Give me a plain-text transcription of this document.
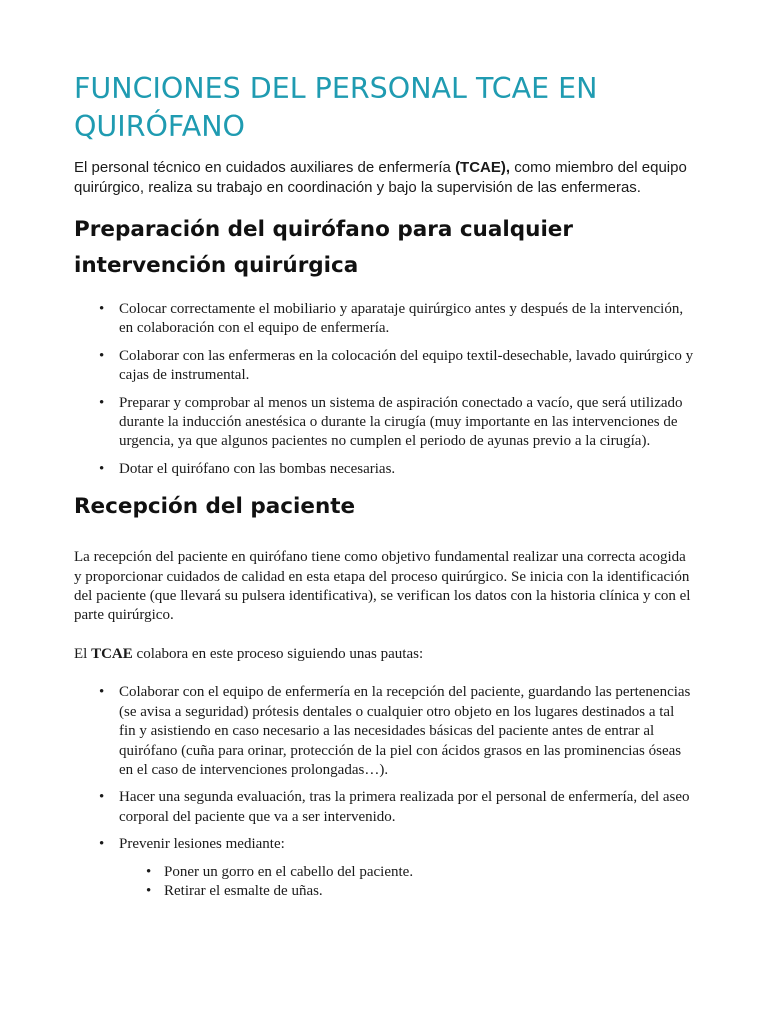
FUNCIONES DEL PERSONAL TCAE EN QUIRÓFANO

El personal técnico en cuidados auxiliares de enfermería (TCAE), como miembro del equipo quirúrgico, realiza su trabajo en coordinación y bajo la supervisión de las enfermeras.

Preparación del quirófano para cualquier intervención quirúrgica
• Colocar correctamente el mobiliario y aparataje quirúrgico antes y después de la intervención, en colaboración con el equipo de enfermería.
• Colaborar con las enfermeras en la colocación del equipo textil-desechable, lavado quirúrgico y cajas de instrumental.
• Preparar y comprobar al menos un sistema de aspiración conectado a vacío, que será utilizado durante la inducción anestésica o durante la cirugía (muy importante en las intervenciones de urgencia, ya que algunos pacientes no cumplen el periodo de ayunas previo a la cirugía).
• Dotar el quirófano con las bombas necesarias.
Recepción del paciente

La recepción del paciente en quirófano tiene como objetivo fundamental realizar una correcta acogida y proporcionar cuidados de calidad en esta etapa del proceso quirúrgico. Se inicia con la identificación del paciente (que llevará su pulsera identificativa), se verifican los datos con la historia clínica y con el parte quirúrgico.

El TCAE colabora en este proceso siguiendo unas pautas:

• Colaborar con el equipo de enfermería en la recepción del paciente, guardando las pertenencias (se avisa a seguridad) prótesis dentales o cualquier otro objeto en los lugares destinados a tal fin y asistiendo en caso necesario a las necesidades básicas del paciente antes de entrar al quirófano (cuña para orinar, protección de la piel con ácidos grasos en las prominencias óseas en el caso de intervenciones prolongadas…).
• Hacer una segunda evaluación, tras la primera realizada por el personal de enfermería, del aseo corporal del paciente que va a ser intervenido.
• Prevenir lesiones mediante:
• Poner un gorro en el cabello del paciente.
• Retirar el esmalte de uñas.
